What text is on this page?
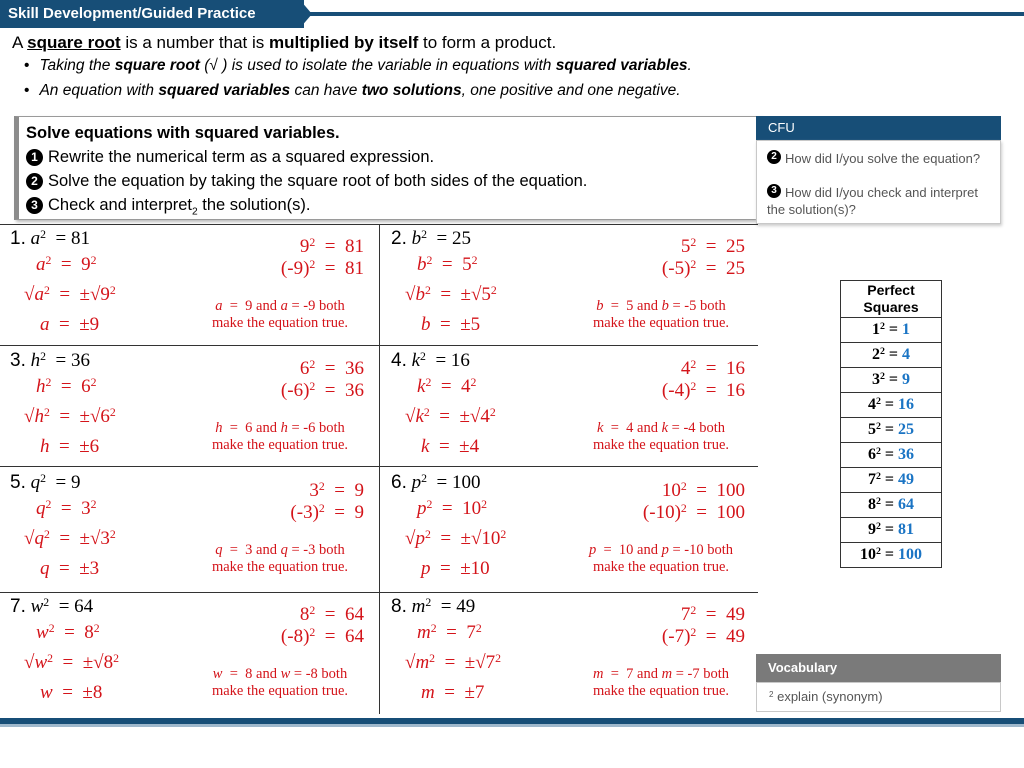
Skill Development/Guided Practice
A square root is a number that is multiplied by itself to form a product.
• Taking the square root (√ ) is used to isolate the variable in equations with squared variables.
• An equation with squared variables can have two solutions, one positive and one negative.
Solve equations with squared variables.
1 Rewrite the numerical term as a squared expression.
2 Solve the equation by taking the square root of both sides of the equation.
3 Check and interpret$_2$ the solution(s).
CFU
2 How did I/you solve the equation?
3 How did I/you check and interpret the solution(s)?
1. $a^2 = 81$
$a^2 = 9^2$
$√a^2 = \pm√9^2$
a  =  ±9
$9^2 = 81$
$(-9)^2 = 81$
a  =  9 and a = -9 both
make the equation true.
2. $b^2 = 25$
$b^2 = 5^2$
$√b^2 = \pm√5^2$
b  =  ±5
$5^2 = 25$
$(-5)^2 = 25$
b  =  5 and b = -5 both
make the equation true.
3. $h^2 = 36$
$h^2 = 6^2$
$√h^2 = \pm√6^2$
h  =  ±6
$6^2 = 36$
$(-6)^2 = 36$
h  =  6 and h = -6 both
make the equation true.
4. $k^2 = 16$
$k^2 = 4^2$
$√k^2 = \pm√4^2$
k  =  ±4
$4^2 = 16$
$(-4)^2 = 16$
k  =  4 and k = -4 both
make the equation true.
5. $q^2 = 9$
$q^2 = 3^2$
$√q^2 = \pm√3^2$
q  =  ±3
$3^2 = 9$
$(-3)^2 = 9$
q  =  3 and q = -3 both
make the equation true.
6. $p^2 = 100$
$p^2 = 10^2$
$√p^2 = \pm√10^2$
p  =  ±10
$10^2 = 100$
$(-10)^2 = 100$
p  =  10 and p = -10 both
make the equation true.
7. $w^2 = 64$
$w^2 = 8^2$
$√w^2 = \pm√8^2$
w  =  ±8
$8^2 = 64$
$(-8)^2 = 64$
w  =  8 and w = -8 both
make the equation true.
8. $m^2 = 49$
$m^2 = 7^2$
$√m^2 = \pm√7^2$
m  =  ±7
$7^2 = 49$
$(-7)^2 = 49$
m  =  7 and m = -7 both
make the equation true.
Perfect
Squares
$1^2 = 1$
$2^2 = 4$
$3^2 = 9$
$4^2 = 16$
$5^2 = 25$
$6^2 = 36$
$7^2 = 49$
$8^2 = 64$
$9^2 = 81$
$10^2 = 100$
Vocabulary
$^2$ explain (synonym)
